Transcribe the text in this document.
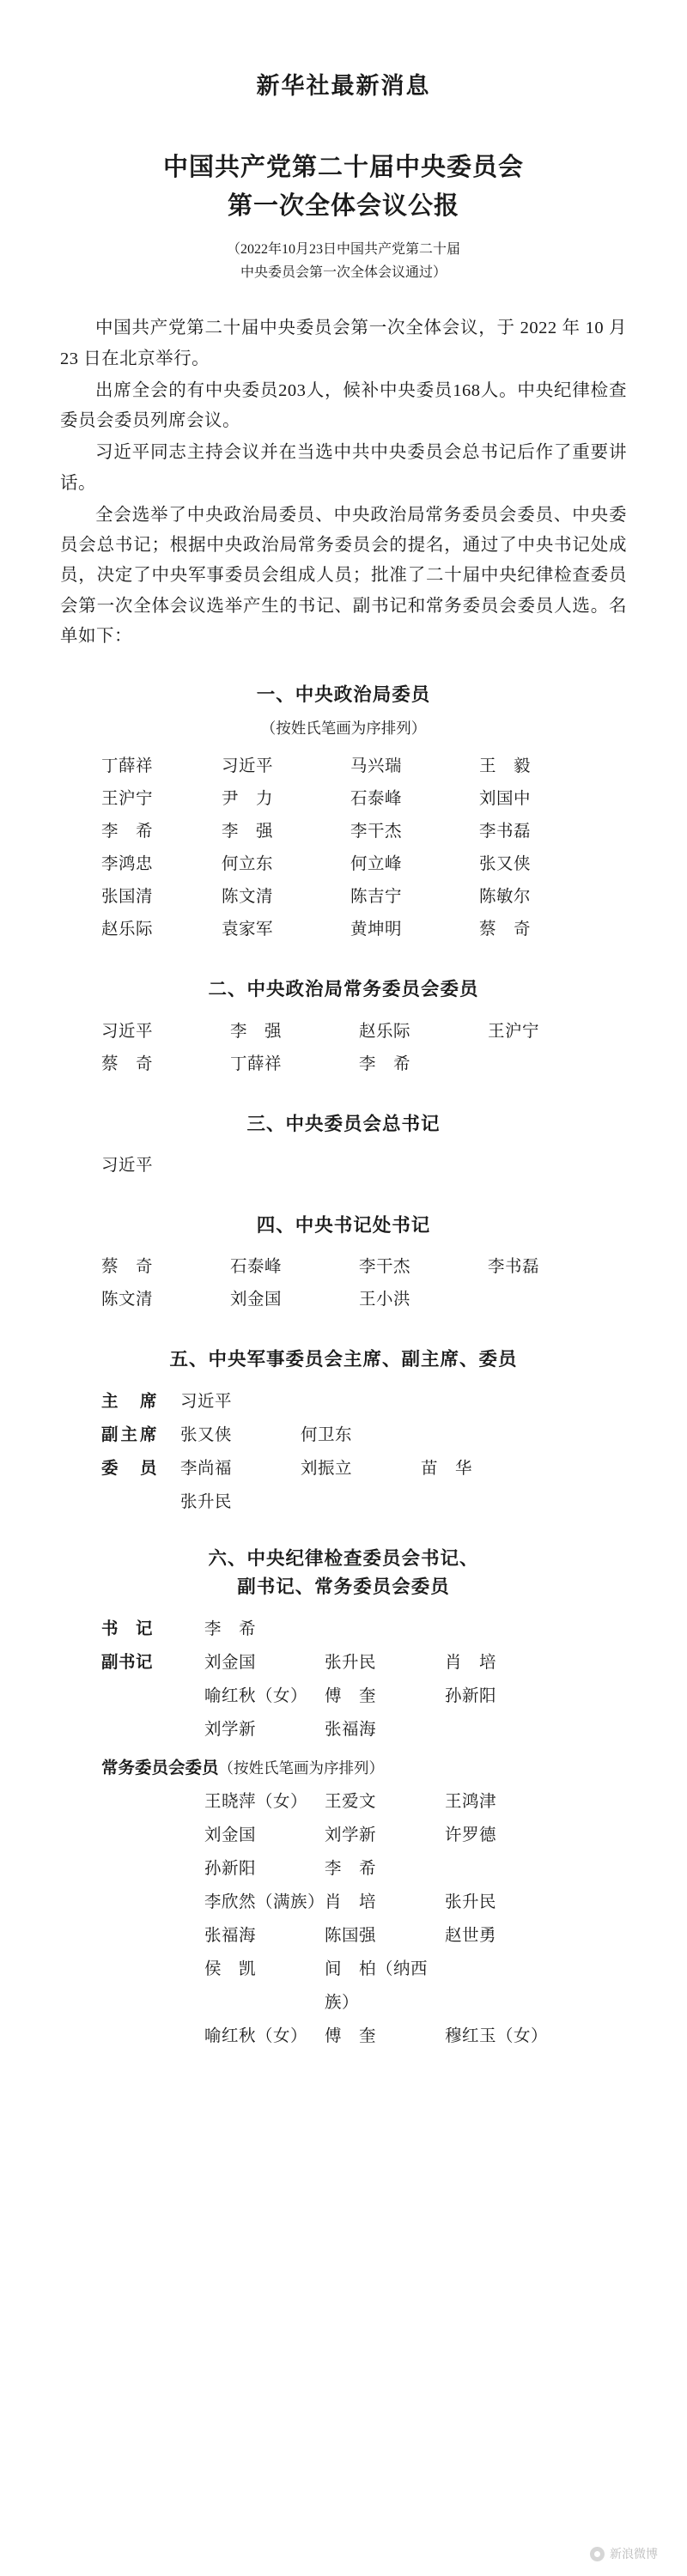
新华社最新消息
中国共产党第二十届中央委员会
第一次全体会议公报
（2022年10月23日中国共产党第二十届
中央委员会第一次全体会议通过）

中国共产党第二十届中央委员会第一次全体会议，于 2022 年 10 月 23 日在北京举行。

出席全会的有中央委员203人，候补中央委员168人。中央纪律检查委员会委员列席会议。

习近平同志主持会议并在当选中共中央委员会总书记后作了重要讲话。

全会选举了中央政治局委员、中央政治局常务委员会委员、中央委员会总书记；根据中央政治局常务委员会的提名，通过了中央书记处成员，决定了中央军事委员会组成人员；批准了二十届中央纪律检查委员会第一次全体会议选举产生的书记、副书记和常务委员会委员人选。名单如下：

一、中央政治局委员
（按姓氏笔画为序排列）
丁薛祥	习近平	马兴瑞	王　毅
王沪宁	尹　力	石泰峰	刘国中
李　希	李　强	李干杰	李书磊
李鸿忠	何立东	何立峰	张又侠
张国清	陈文清	陈吉宁	陈敏尔
赵乐际	袁家军	黄坤明	蔡　奇
二、中央政治局常务委员会委员
习近平	李　强	赵乐际	王沪宁
蔡　奇	丁薛祥	李　希
三、中央委员会总书记
习近平
四、中央书记处书记
蔡　奇	石泰峰	李干杰	李书磊
陈文清	刘金国	王小洪
五、中央军事委员会主席、副主席、委员
主　席	习近平
副主席	张又侠	何卫东
委　员	李尚福	刘振立	苗　华
张升民
六、中央纪律检查委员会书记、
副书记、常务委员会委员
书　记	李　希
副书记	刘金国	张升民	肖　培
喻红秋（女）	傅　奎	孙新阳
刘学新	张福海
常务委员会委员（按姓氏笔画为序排列）
王晓萍（女）	王爱文	王鸿津
刘金国	刘学新	许罗德
孙新阳	李　希
李欣然（满族） 肖　培	张升民
张福海	陈国强	赵世勇
侯　凯	间　柏（纳西族）
喻红秋（女）	傅　奎	穆红玉（女）
新浪微博
